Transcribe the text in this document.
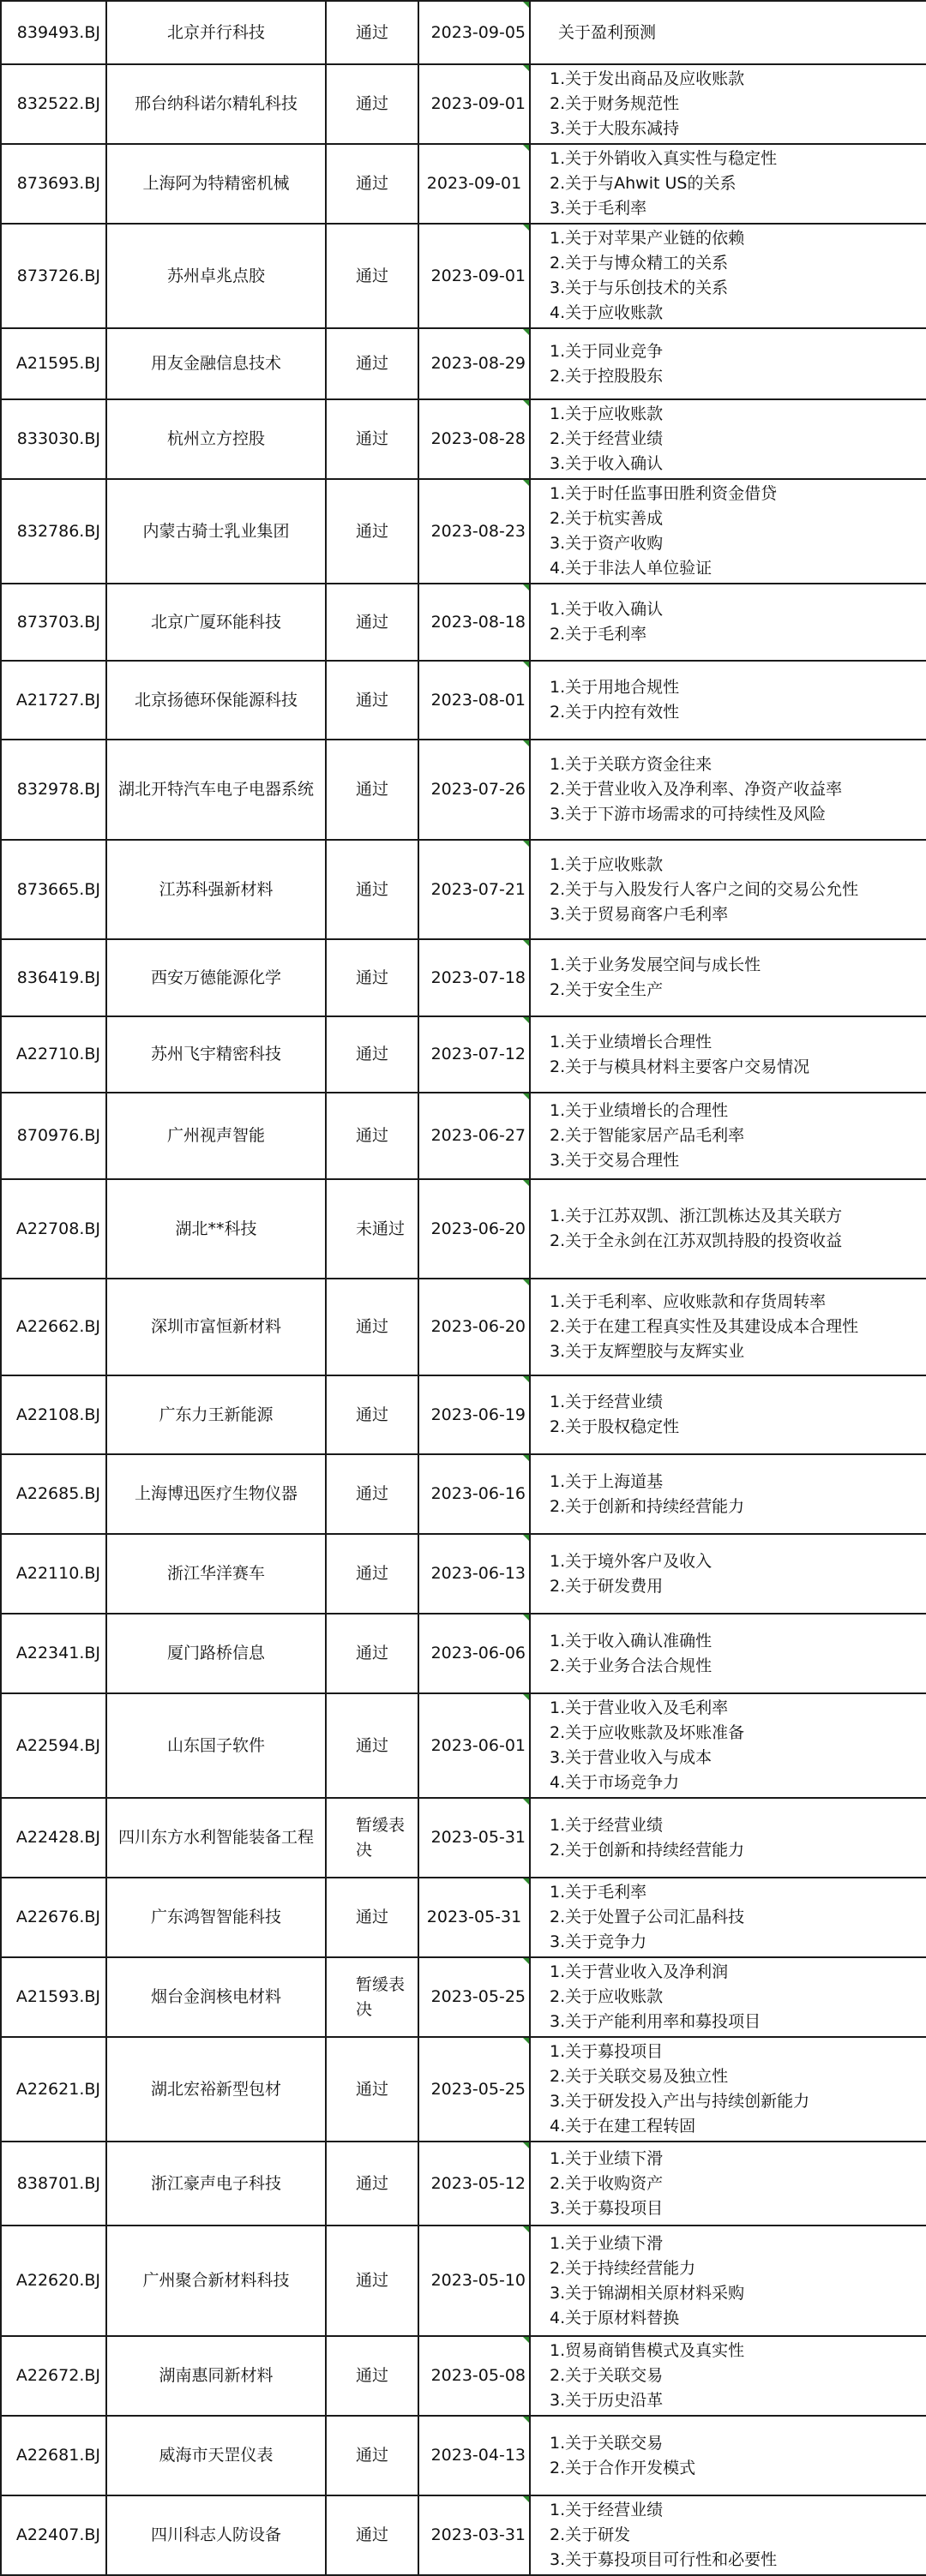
839493.BJ	北京并行科技	通过	2023-09-05	关于盈利预测

832522.BJ	邢台纳科诺尔精轧科技	通过	2023-09-01	1.关于发出商品及应收账款
2.关于财务规范性
3.关于大股东减持

873693.BJ	上海阿为特精密机械	通过	2023-09-01	1.关于外销收入真实性与稳定性
2.关于与Ahwit US的关系
3.关于毛利率

873726.BJ	苏州卓兆点胶	通过	2023-09-01	1.关于对苹果产业链的依赖
2.关于与博众精工的关系
3.关于与乐创技术的关系
4.关于应收账款

A21595.BJ	用友金融信息技术	通过	2023-08-29	1.关于同业竞争
2.关于控股股东

833030.BJ	杭州立方控股	通过	2023-08-28	1.关于应收账款
2.关于经营业绩
3.关于收入确认

832786.BJ	内蒙古骑士乳业集团	通过	2023-08-23	1.关于时任监事田胜利资金借贷
2.关于杭实善成
3.关于资产收购
4.关于非法人单位验证

873703.BJ	北京广厦环能科技	通过	2023-08-18	1.关于收入确认
2.关于毛利率

A21727.BJ	北京扬德环保能源科技	通过	2023-08-01	1.关于用地合规性
2.关于内控有效性

832978.BJ	湖北开特汽车电子电器系统	通过	2023-07-26	1.关于关联方资金往来
2.关于营业收入及净利率、净资产收益率
3.关于下游市场需求的可持续性及风险

873665.BJ	江苏科强新材料	通过	2023-07-21	1.关于应收账款
2.关于与入股发行人客户之间的交易公允性
3.关于贸易商客户毛利率

836419.BJ	西安万德能源化学	通过	2023-07-18	1.关于业务发展空间与成长性
2.关于安全生产

A22710.BJ	苏州飞宇精密科技	通过	2023-07-12	1.关于业绩增长合理性
2.关于与模具材料主要客户交易情况

870976.BJ	广州视声智能	通过	2023-06-27	1.关于业绩增长的合理性
2.关于智能家居产品毛利率
3.关于交易合理性

A22708.BJ	湖北**科技	未通过	2023-06-20	1.关于江苏双凯、浙江凯栋达及其关联方
2.关于全永剑在江苏双凯持股的投资收益

A22662.BJ	深圳市富恒新材料	通过	2023-06-20	1.关于毛利率、应收账款和存货周转率
2.关于在建工程真实性及其建设成本合理性
3.关于友辉塑胶与友辉实业

A22108.BJ	广东力王新能源	通过	2023-06-19	1.关于经营业绩
2.关于股权稳定性

A22685.BJ	上海博迅医疗生物仪器	通过	2023-06-16	1.关于上海道基
2.关于创新和持续经营能力

A22110.BJ	浙江华洋赛车	通过	2023-06-13	1.关于境外客户及收入
2.关于研发费用

A22341.BJ	厦门路桥信息	通过	2023-06-06	1.关于收入确认准确性
2.关于业务合法合规性

A22594.BJ	山东国子软件	通过	2023-06-01	1.关于营业收入及毛利率
2.关于应收账款及坏账准备
3.关于营业收入与成本
4.关于市场竞争力

A22428.BJ	四川东方水利智能装备工程	暂缓表决	2023-05-31	1.关于经营业绩
2.关于创新和持续经营能力

A22676.BJ	广东鸿智智能科技	通过	2023-05-31	1.关于毛利率
2.关于处置子公司汇晶科技
3.关于竞争力

A21593.BJ	烟台金润核电材料	暂缓表决	2023-05-25	1.关于营业收入及净利润
2.关于应收账款
3.关于产能利用率和募投项目

A22621.BJ	湖北宏裕新型包材	通过	2023-05-25	1.关于募投项目
2.关于关联交易及独立性
3.关于研发投入产出与持续创新能力
4.关于在建工程转固

838701.BJ	浙江豪声电子科技	通过	2023-05-12	1.关于业绩下滑
2.关于收购资产
3.关于募投项目

A22620.BJ	广州聚合新材料科技	通过	2023-05-10	1.关于业绩下滑
2.关于持续经营能力
3.关于锦湖相关原材料采购
4.关于原材料替换

A22672.BJ	湖南惠同新材料	通过	2023-05-08	1.贸易商销售模式及真实性
2.关于关联交易
3.关于历史沿革

A22681.BJ	威海市天罡仪表	通过	2023-04-13	1.关于关联交易
2.关于合作开发模式

A22407.BJ	四川科志人防设备	通过	2023-03-31	1.关于经营业绩
2.关于研发
3.关于募投项目可行性和必要性
